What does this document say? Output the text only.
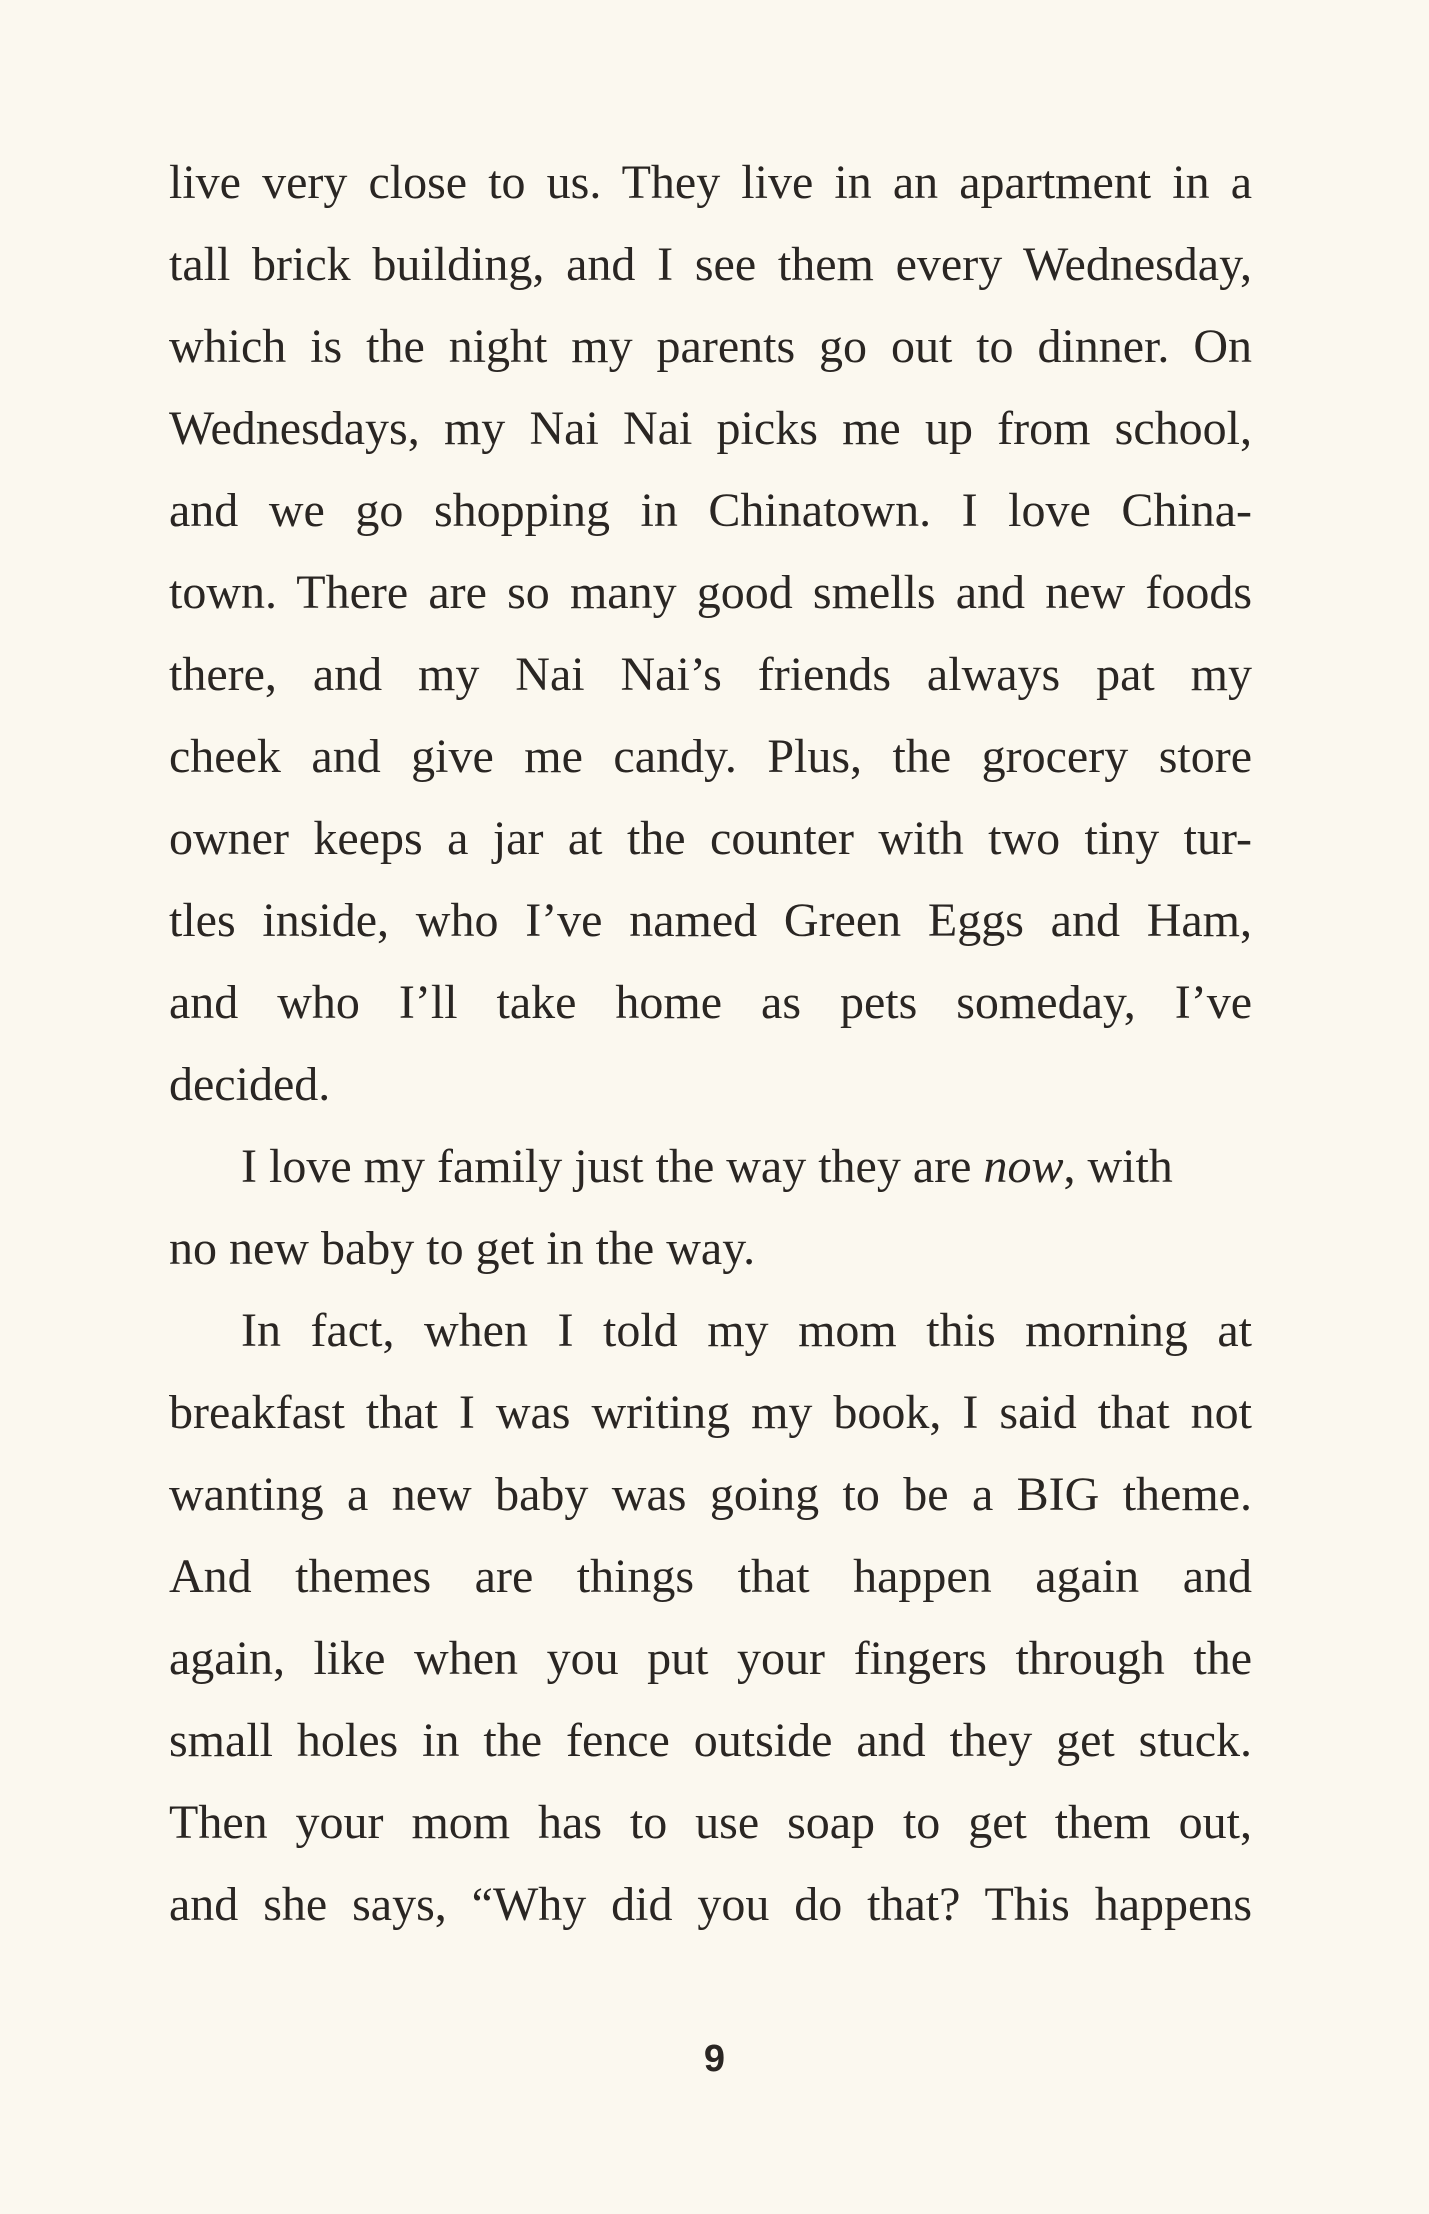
live very close to us. They live in an apartment in a
tall brick building, and I see them every Wednesday,
which is the night my parents go out to dinner. On
Wednesdays, my Nai Nai picks me up from school,
and we go shopping in Chinatown. I love China-
town. There are so many good smells and new foods
there, and my Nai Nai’s friends always pat my
cheek and give me candy. Plus, the grocery store
owner keeps a jar at the counter with two tiny tur-
tles inside, who I’ve named Green Eggs and Ham,
and who I’ll take home as pets someday, I’ve
decided.
I love my family just the way they are now, with
no new baby to get in the way.
In fact, when I told my mom this morning at
breakfast that I was writing my book, I said that not
wanting a new baby was going to be a BIG theme.
And themes are things that happen again and
again, like when you put your fingers through the
small holes in the fence outside and they get stuck.
Then your mom has to use soap to get them out,
and she says, “Why did you do that? This happens
9
